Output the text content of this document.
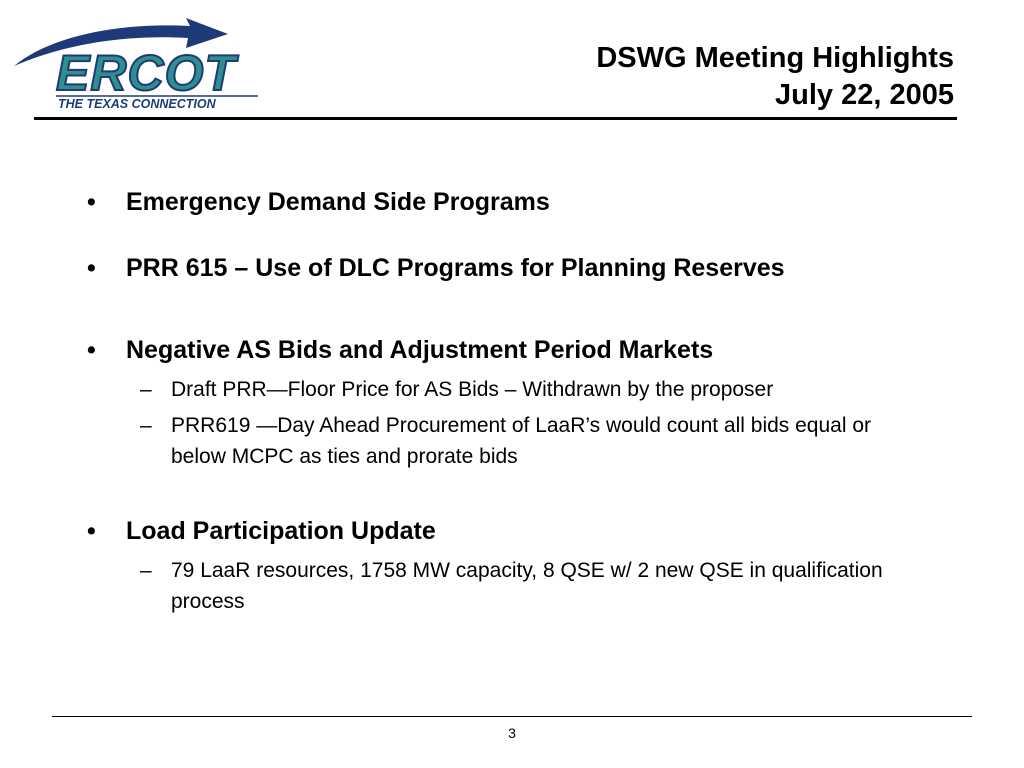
ERCOT
THE TEXAS CONNECTION
DSWG Meeting Highlights
July 22, 2005
• Emergency Demand Side Programs
• PRR 615 – Use of DLC Programs for Planning Reserves
• Negative AS Bids and Adjustment Period Markets
– Draft PRR—Floor Price for AS Bids – Withdrawn by the proposer
– PRR619 —Day Ahead Procurement of LaaR’s would count all bids equal or below MCPC as ties and prorate bids
• Load Participation Update
– 79 LaaR resources, 1758 MW capacity, 8 QSE w/ 2 new QSE in qualification process
3
